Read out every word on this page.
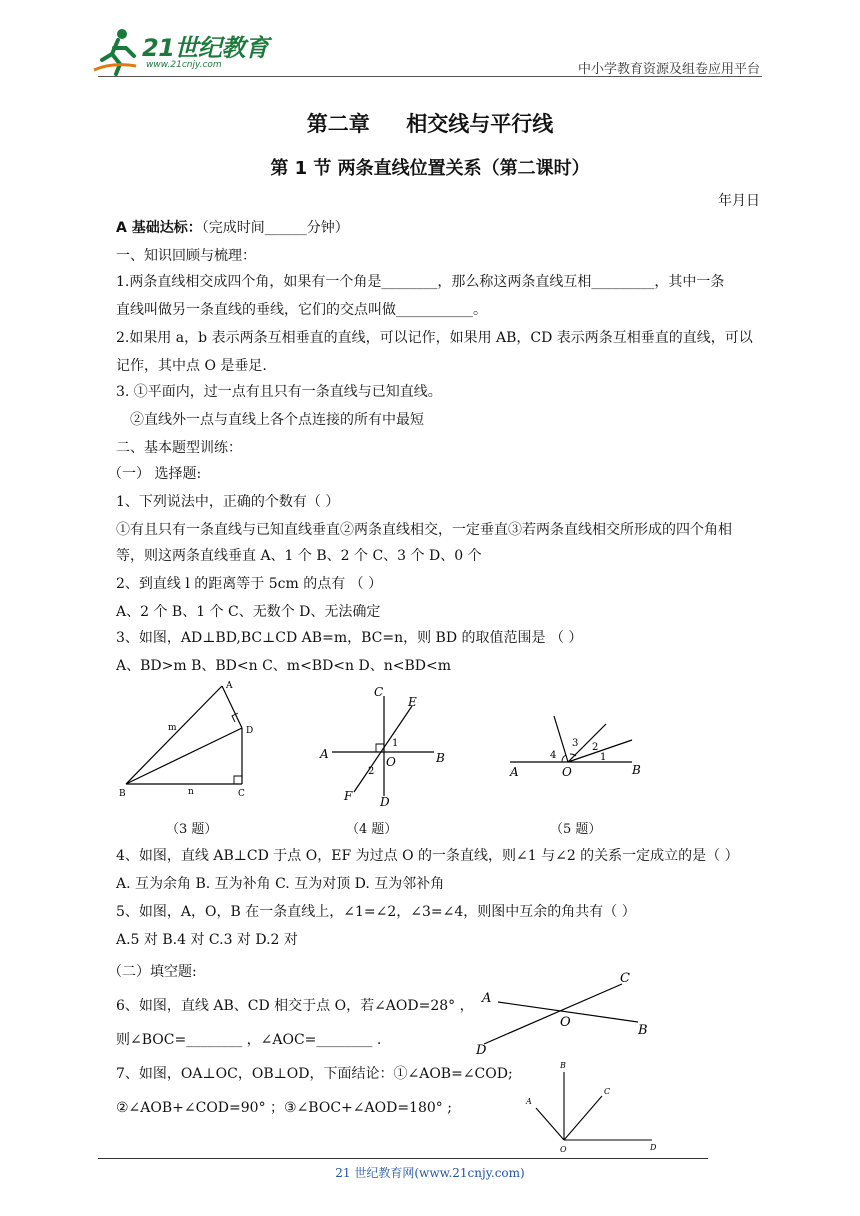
21世纪教育
www.21cnjy.com	中小学教育资源及组卷应用平台
第二章     相交线与平行线
第 1 节 两条直线位置关系（第二课时）
年月日
A 基础达标：（完成时间______分钟）
一、知识回顾与梳理：
1.两条直线相交成四个角，如果有一个角是________，那么称这两条直线互相_________，其中一条
直线叫做另一条直线的垂线，它们的交点叫做___________。
2.如果用 a，b 表示两条互相垂直的直线，可以记作，如果用 AB，CD 表示两条互相垂直的直线，可以
记作，其中点 O 是垂足.
3. ①平面内，过一点有且只有一条直线与已知直线。
②直线外一点与直线上各个点连接的所有中最短
二、基本题型训练：
（一） 选择题:
1、下列说法中，正确的个数有（ ）
①有且只有一条直线与已知直线垂直②两条直线相交，一定垂直③若两条直线相交所形成的四个角相
等，则这两条直线垂直 A、1 个 B、2 个 C、3 个 D、0 个
2、到直线 l 的距离等于 5cm 的点有 （ ）
A、2 个 B、1 个 C、无数个 D、无法确定
3、如图，AD⊥BD,BC⊥CD AB=m，BC=n，则 BD 的取值范围是 （ ）
A、BD>m B、BD<n C、m<BD<n D、n<BD<m
A
B	C
D
m
n
A	B
C
D
E
F
O
1
2	A	B
O
1
2
3
4
（3 题）	（4 题）	（5 题）
4、如图，直线 AB⊥CD 于点 O，EF 为过点 O 的一条直线，则∠1 与∠2 的关系一定成立的是（ ）
A. 互为余角 B. 互为补角 C. 互为对顶 D. 互为邻补角
5、如图，A，O，B 在一条直线上，∠1=∠2，∠3=∠4，则图中互余的角共有（ ）
A.5 对 B.4 对 C.3 对 D.2 对
（二）填空题:
6、如图，直线 AB、CD 相交于点 O，若∠AOD=28° ，
则∠BOC=________ ，∠AOC=________ .
7、如图，OA⊥OC，OB⊥OD，下面结论：①∠AOB=∠COD;
②∠AOB+∠COD=90° ；③∠BOC+∠AOD=180° ;
A
B
C
D
O
B
C
A
D
O
21 世纪教育网(www.21cnjy.com)
